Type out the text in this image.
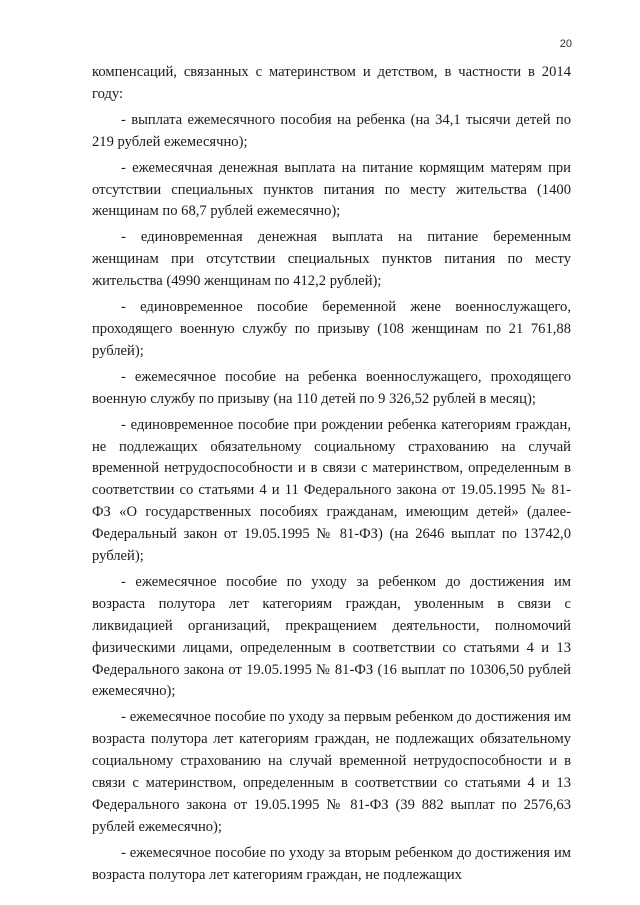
20

компенсаций, связанных с материнством и детством, в частности в 2014 году:

- выплата ежемесячного пособия на ребенка (на 34,1 тысячи детей по 219 рублей ежемесячно);

- ежемесячная денежная выплата на питание кормящим матерям при отсутствии специальных пунктов питания по месту жительства (1400 женщинам по 68,7 рублей ежемесячно);

- единовременная денежная выплата на питание беременным женщинам при отсутствии специальных пунктов питания по месту жительства (4990 женщинам по 412,2 рублей);

- единовременное пособие беременной жене военнослужащего, проходящего военную службу по призыву (108 женщинам по 21 761,88 рублей);

- ежемесячное пособие на ребенка военнослужащего, проходящего военную службу по призыву (на 110 детей по 9 326,52 рублей в месяц);

- единовременное пособие при рождении ребенка категориям граждан, не подлежащих обязательному социальному страхованию на случай временной нетрудоспособности и в связи с материнством, определенным в соответствии со статьями 4 и 11 Федерального закона от 19.05.1995 № 81-ФЗ «О государственных пособиях гражданам, имеющим детей» (далее-Федеральный закон от 19.05.1995 № 81-ФЗ) (на 2646 выплат по 13742,0 рублей);

- ежемесячное пособие по уходу за ребенком до достижения им возраста полутора лет категориям граждан, уволенным в связи с ликвидацией организаций, прекращением деятельности, полномочий физическими лицами, определенным в соответствии со статьями 4 и 13 Федерального закона от 19.05.1995 № 81-ФЗ (16 выплат по 10306,50 рублей ежемесячно);

- ежемесячное пособие по уходу за первым ребенком до достижения им возраста полутора лет категориям граждан, не подлежащих обязательному социальному страхованию на случай временной нетрудоспособности и в связи с материнством, определенным в соответствии со статьями 4 и 13 Федерального закона от 19.05.1995 № 81-ФЗ (39 882 выплат по 2576,63 рублей ежемесячно);

- ежемесячное пособие по уходу за вторым ребенком до достижения им возраста полутора лет категориям граждан, не подлежащих
